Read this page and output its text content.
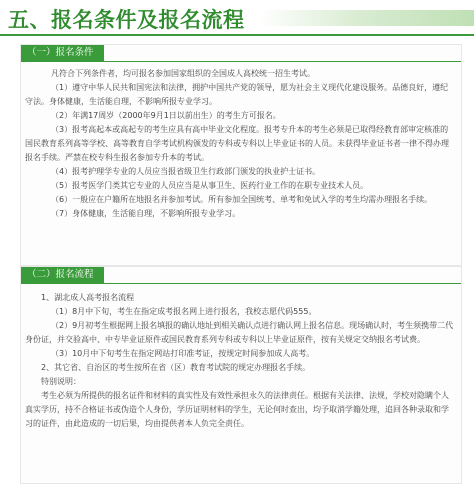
五、报名条件及报名流程
（一）报名条件

凡符合下列条件者，均可报名参加国家组织的全国成人高校统一招生考试。

（1）遵守中华人民共和国宪法和法律，拥护中国共产党的领导，愿为社会主义现代化建设服务。品德良好，遵纪守法。身体健康，生活能自理，不影响所报专业学习。

（2）年满17周岁（2000年9月1日以前出生）的考生方可报名。

（3）报考高起本或高起专的考生应具有高中毕业文化程度。报考专升本的考生必须是已取得经教育部审定核准的国民教育系列高等学校、高等教育自学考试机构颁发的专科或专科以上毕业证书的人员。未获得毕业证书者一律不得办理报名手续。严禁在校专科生报名参加专升本的考试。

（4）报考护理学专业的人员应当报省级卫生行政部门颁发的执业护士证书。

（5）报考医学门类其它专业的人员应当是从事卫生、医药行业工作的在职专业技术人员。

（6）一般应在户籍所在地报名并参加考试。所有参加全国统考、单考和免试入学的考生均需办理报名手续。

（7）身体健康，生活能自理，不影响所报专业学习。

（二）报名流程

1、湖北成人高考报名流程

（1）8月中下旬，考生在指定成考报名网上进行报名，我校志愿代码555。

（2）9月初考生根据网上报名填报的确认地址到相关确认点进行确认网上报名信息。现场确认时，考生须携带二代身份证，并交验高中、中专毕业证原件或国民教育系列专科或专科以上毕业证原件，按有关规定交纳报名考试费。

（3）10月中下旬考生在指定网站打印准考证，按规定时间参加成人高考。

2、其它省、自治区的考生按所在省（区）教育考试院的规定办理报名手续。

特别说明：

考生必须为所提供的报名证件和材料的真实性及有效性承担永久的法律责任。根据有关法律、法规，学校对隐瞒个人真实学历，持不合格证书或伪造个人身份，学历证明材料的学生，无论何时查出，均予取消学籍处理，追回各种录取和学习的证件，由此造成的一切后果，均由提供者本人负完全责任。
